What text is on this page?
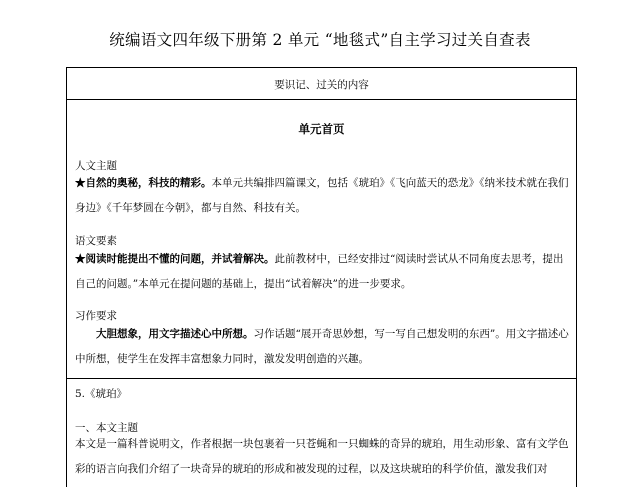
统编语文四年级下册第 2 单元 “地毯式”自主学习过关自查表
要识记、过关的内容
单元首页
人文主题
★自然的奥秘，科技的精彩。本单元共编排四篇课文，包括《琥珀》《飞向蓝天的恐龙》《纳米技术就在我们身边》《千年梦圆在今朝》，都与自然、科技有关。
语文要素
★阅读时能提出不懂的问题，并试着解决。此前教材中，已经安排过“阅读时尝试从不同角度去思考，提出自己的问题。”本单元在提问题的基础上，提出“试着解决”的进一步要求。
习作要求
大胆想象，用文字描述心中所想。习作话题“展开奇思妙想，写一写自己想发明的东西”。用文字描述心中所想，使学生在发挥丰富想象力同时，激发发明创造的兴趣。
5.《琥珀》
一、本文主题
本文是一篇科普说明文，作者根据一块包裹着一只苍蝇和一只蜘蛛的奇异的琥珀，用生动形象、富有文学色彩的语言向我们介绍了一块奇异的琥珀的形成和被发现的过程，以及这块琥珀的科学价值，激发我们对
